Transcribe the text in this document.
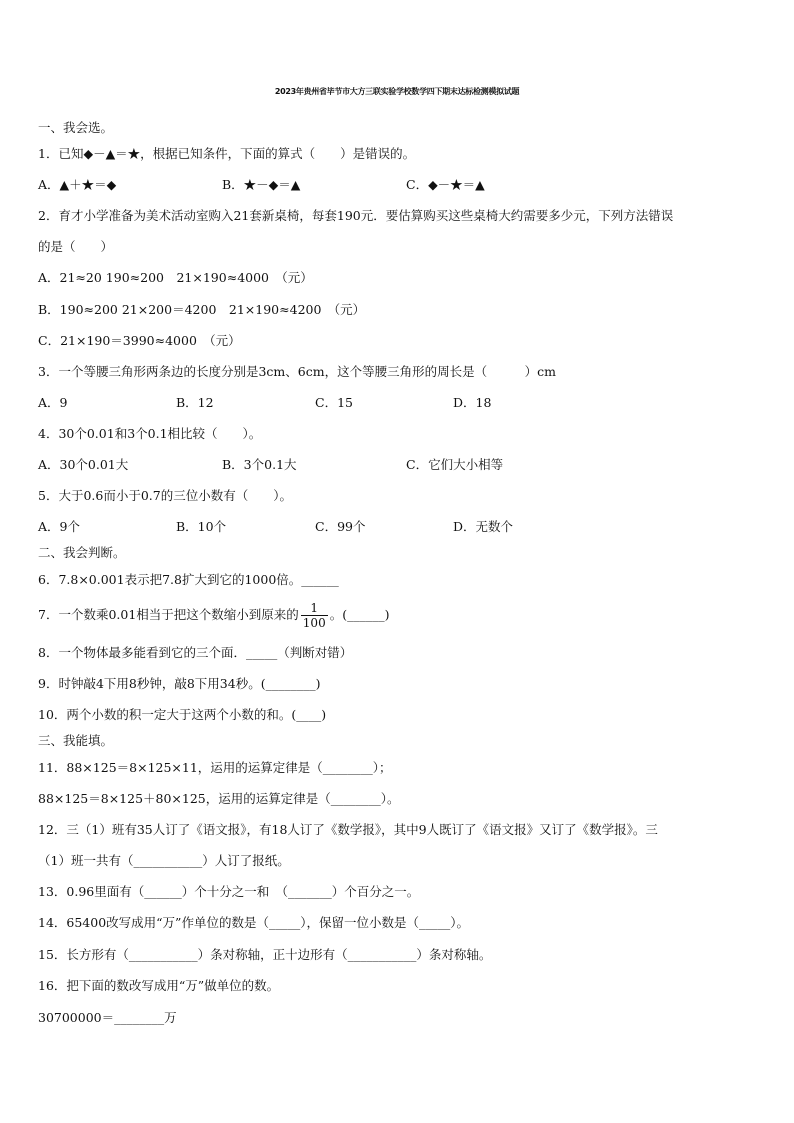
2023年贵州省毕节市大方三联实验学校数学四下期末达标检测模拟试题
一、我会选。
1．已知◆－▲＝★，根据已知条件，下面的算式（　　）是错误的。
A．▲＋★＝◆	B．★－◆＝▲	C．◆－★＝▲
2．育才小学准备为美术活动室购入21套新桌椅，每套190元．要估算购买这些桌椅大约需要多少元，下列方法错误
的是（　　）
A．21≈20 190≈200　21×190≈4000　（元）
B．190≈200 21×200＝4200　21×190≈4200　（元）
C．21×190＝3990≈4000　（元）
3．一个等腰三角形两条边的长度分别是3cm、6cm，这个等腰三角形的周长是（　　　）cm
A．9	B．12	C．15	D．18
4．30个0.01和3个0.1相比较（　　）。
A．30个0.01大	B．3个0.1大	C．它们大小相等
5．大于0.6而小于0.7的三位小数有（　　）。
A．9个	B．10个	C．99个	D．无数个
二、我会判断。
6．7.8×0.001表示把7.8扩大到它的1000倍。______
7．一个数乘0.01相当于把这个数缩小到原来的 $\frac{1}{100}$ 。(______)
8．一个物体最多能看到它的三个面．_____（判断对错）
9．时钟敲4下用8秒钟，敲8下用34秒。(________)
10．两个小数的积一定大于这两个小数的和。(____)
三、我能填。
11．88×125＝8×125×11，运用的运算定律是（________）；
88×125＝8×125＋80×125，运用的运算定律是（________）。
12．三（1）班有35人订了《语文报》，有18人订了《数学报》，其中9人既订了《语文报》又订了《数学报》。三
（1）班一共有（___________）人订了报纸。
13．0.96里面有（______）个十分之一和　（_______）个百分之一。
14．65400改写成用“万”作单位的数是（_____），保留一位小数是（_____）。
15．长方形有（___________）条对称轴，正十边形有（___________）条对称轴。
16．把下面的数改写成用“万”做单位的数。
30700000＝________万
